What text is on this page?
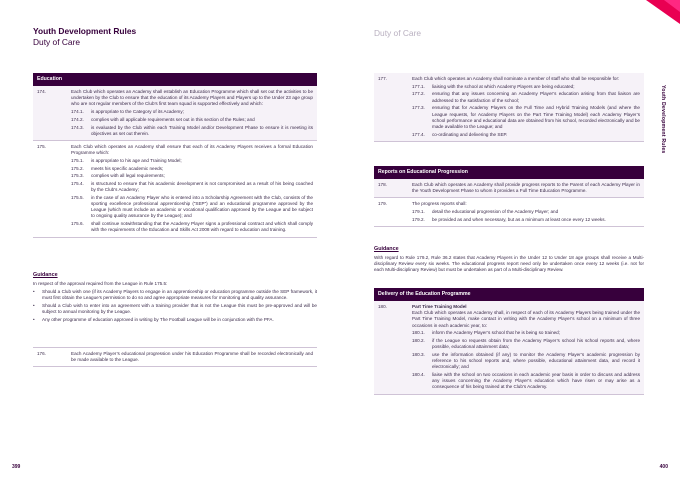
Youth Development Rules
Duty of Care
Education
174.	Each Club which operates an Academy shall establish an Education Programme which shall set out the activities to be undertaken by the Club to ensure that the education of its Academy Players and Players up to the Under 23 age group who are not regular members of the Club’s first team squad is supported effectively and which:
174.1.	is appropriate to the Category of its Academy;
174.2.	complies with all applicable requirements set out in this section of the Rules; and
174.3.	is evaluated by the Club within each Training Model and/or Development Phase to ensure it is meeting its objectives as set out therein.
175.	Each Club which operates an Academy shall ensure that each of its Academy Players receives a formal Education Programme which:
175.1.	is appropriate to his age and Training Model;
175.2.	meets his specific academic needs;
175.3.	complies with all legal requirements;
175.4.	is structured to ensure that his academic development is not compromised as a result of his being coached by the Club’s Academy;
175.5.	in the case of an Academy Player who is entered into a Scholarship Agreement with the Club, consists of the sporting excellence professional apprenticeship (“SEP”) and an educational programme approved by the League (which must include an academic or vocational qualification approved by the League and be subject to ongoing quality assurance by the League); and
175.6.	shall continue notwithstanding that the Academy Player signs a professional contract and which shall comply with the requirements of the Education and Skills Act 2008 with regard to education and training.
Guidance
In respect of the approval required from the League in Rule 175.5:
•	Should a Club wish one (if its Academy Players to engage in an apprenticeship or education programme outside the SEP framework, it must first obtain the League’s permission to do so and agree appropriate measures for monitoring and quality assurance.
•	Should a Club wish to enter into an agreement with a training provider that is not the League this must be pre-approved and will be subject to annual monitoring by the League.
•	Any other programme of education approved in writing by The Football League will be in conjunction with the PFA.
176.	Each Academy Player’s educational progression under his Education Programme shall be recorded electronically and be made available to the League.
399
Duty of Care
Youth Development Rules
177.	Each Club which operates an Academy shall nominate a member of staff who shall be responsible for:
177.1.	liaising with the school at which Academy Players are being educated;
177.2.	ensuring that any issues concerning an Academy Player’s education arising from that liaison are addressed to the satisfaction of the school;
177.3.	ensuring that for Academy Players on the Full Time and Hybrid Training Models (and where the League requests, for Academy Players on the Part Time Training Model) each Academy Player’s school performance and educational data are obtained from his school, recorded electronically and be made available to the League; and
177.4.	co-ordinating and delivering the SEP.
Reports on Educational Progression
178.	Each Club which operates an Academy shall provide progress reports to the Parent of each Academy Player in the Youth Development Phase to whom it provides a Full Time Education Programme.
179.	The progress reports shall:
179.1.	detail the educational progression of the Academy Player; and
179.2.	be provided as and when necessary, but as a minimum at least once every 12 weeks.
Guidance
With regard to Rule 179.2, Rule 36.2 states that Academy Players in the Under 12 to Under 18 age groups shall receive a Multi-disciplinary Review every six weeks. The educational progress report need only be undertaken once every 12 weeks (i.e. not for each Multi-disciplinary Review) but must be undertaken as part of a Multi-disciplinary Review.
Delivery of the Education Programme
180.	Part Time Training Model
Each Club which operates an Academy shall, in respect of each of its Academy Players being trained under the Part Time Training Model, make contact in writing with the Academy Player’s school on a minimum of three occasions in each academic year, to:
180.1.	inform the Academy Player’s school that he is being so trained;
180.2.	if the League so requests obtain from the Academy Player’s school his school reports and, where possible, educational attainment data;
180.3.	use the information obtained (if any) to monitor the Academy Player’s academic progression by reference to his school reports and, where possible, educational attainment data, and record it electronically; and
180.4.	liaise with the school on two occasions in each academic year basis in order to discuss and address any issues concerning the Academy Player’s education which have risen or may arise as a consequence of his being trained at the Club’s Academy.
400
